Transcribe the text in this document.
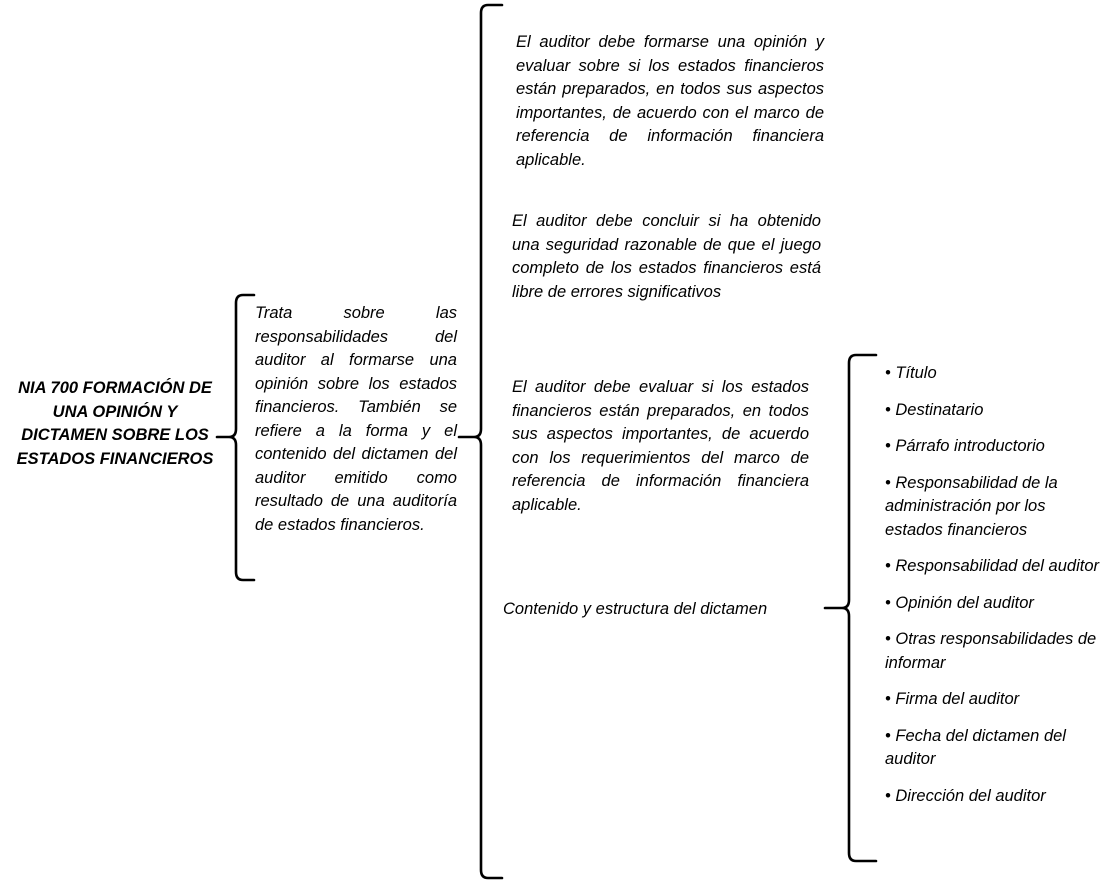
NIA 700 FORMACIÓN DE UNA OPINIÓN Y DICTAMEN SOBRE LOS ESTADOS FINANCIEROS
Trata sobre las responsabilidades del auditor al formarse una opinión sobre los estados financieros. También se refiere a la forma y el contenido del dictamen del auditor emitido como resultado de una auditoría de estados financieros.
El auditor debe formarse una opinión y evaluar sobre si los estados financieros están preparados, en todos sus aspectos importantes, de acuerdo con el marco de referencia de información financiera aplicable.
El auditor debe concluir si ha obtenido una seguridad razonable de que el juego completo de los estados financieros está libre de errores significativos
El auditor debe evaluar si los estados financieros están preparados, en todos sus aspectos importantes, de acuerdo con los requerimientos del marco de referencia de información financiera aplicable.
Contenido y estructura del dictamen
• Título
• Destinatario
• Párrafo introductorio
• Responsabilidad de la administración por los estados financieros
• Responsabilidad del auditor
• Opinión del auditor
• Otras responsabilidades de informar
• Firma del auditor
• Fecha del dictamen del auditor
• Dirección del auditor
